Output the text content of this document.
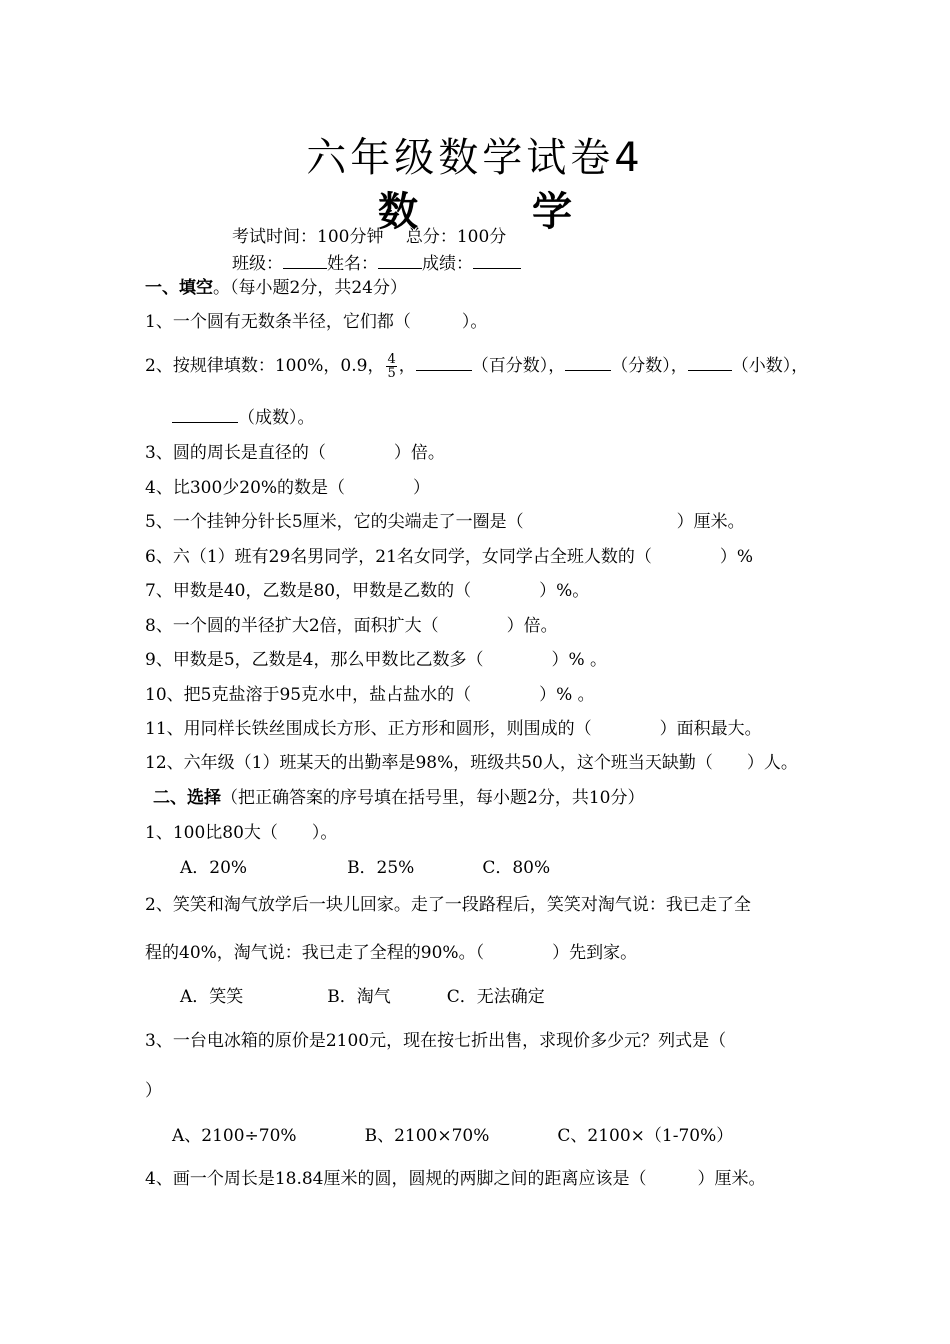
六年级数学试卷4
数 学
考试时间：100分钟　 总分：100分
班级：	姓名：	成绩：
一、填空。（每小题2分，共24分）
1、一个圆有无数条半径，它们都（　　　）。
2、按规律填数：100%，0.9， $\frac{4}{5}$ ，	（百分数），	（分数），	（小数），
（成数）。
3、圆的周长是直径的（　　　　）倍。
4、比300少20%的数是（　　　　）
5、一个挂钟分针长5厘米，它的尖端走了一圈是（　　　　　　　　　）厘米。
6、六（1）班有29名男同学，21名女同学，女同学占全班人数的（　　　　）%
7、甲数是40，乙数是80，甲数是乙数的（　　　　）%。
8、一个圆的半径扩大2倍，面积扩大（　　　　）倍。
9、甲数是5，乙数是4，那么甲数比乙数多（　　　　）% 。
10、把5克盐溶于95克水中，盐占盐水的（　　　　）% 。
11、用同样长铁丝围成长方形、正方形和圆形，则围成的（　　　　）面积最大。
12、六年级（1）班某天的出勤率是98%，班级共50人，这个班当天缺勤（　　）人。
二、选择（把正确答案的序号填在括号里，每小题2分，共10分）
1、100比80大（　　）。
A．20%	B．25%	C．80%
2、笑笑和淘气放学后一块儿回家。走了一段路程后，笑笑对淘气说：我已走了全
程的40%，淘气说：我已走了全程的90%。（　　　　）先到家。
A．笑笑	B．淘气	C．无法确定
3、一台电冰箱的原价是2100元，现在按七折出售，求现价多少元？列式是（
）
A、2100÷70%	B、2100×70%	C、2100×（1-70%）
4、画一个周长是18.84厘米的圆，圆规的两脚之间的距离应该是（　　　）厘米。
